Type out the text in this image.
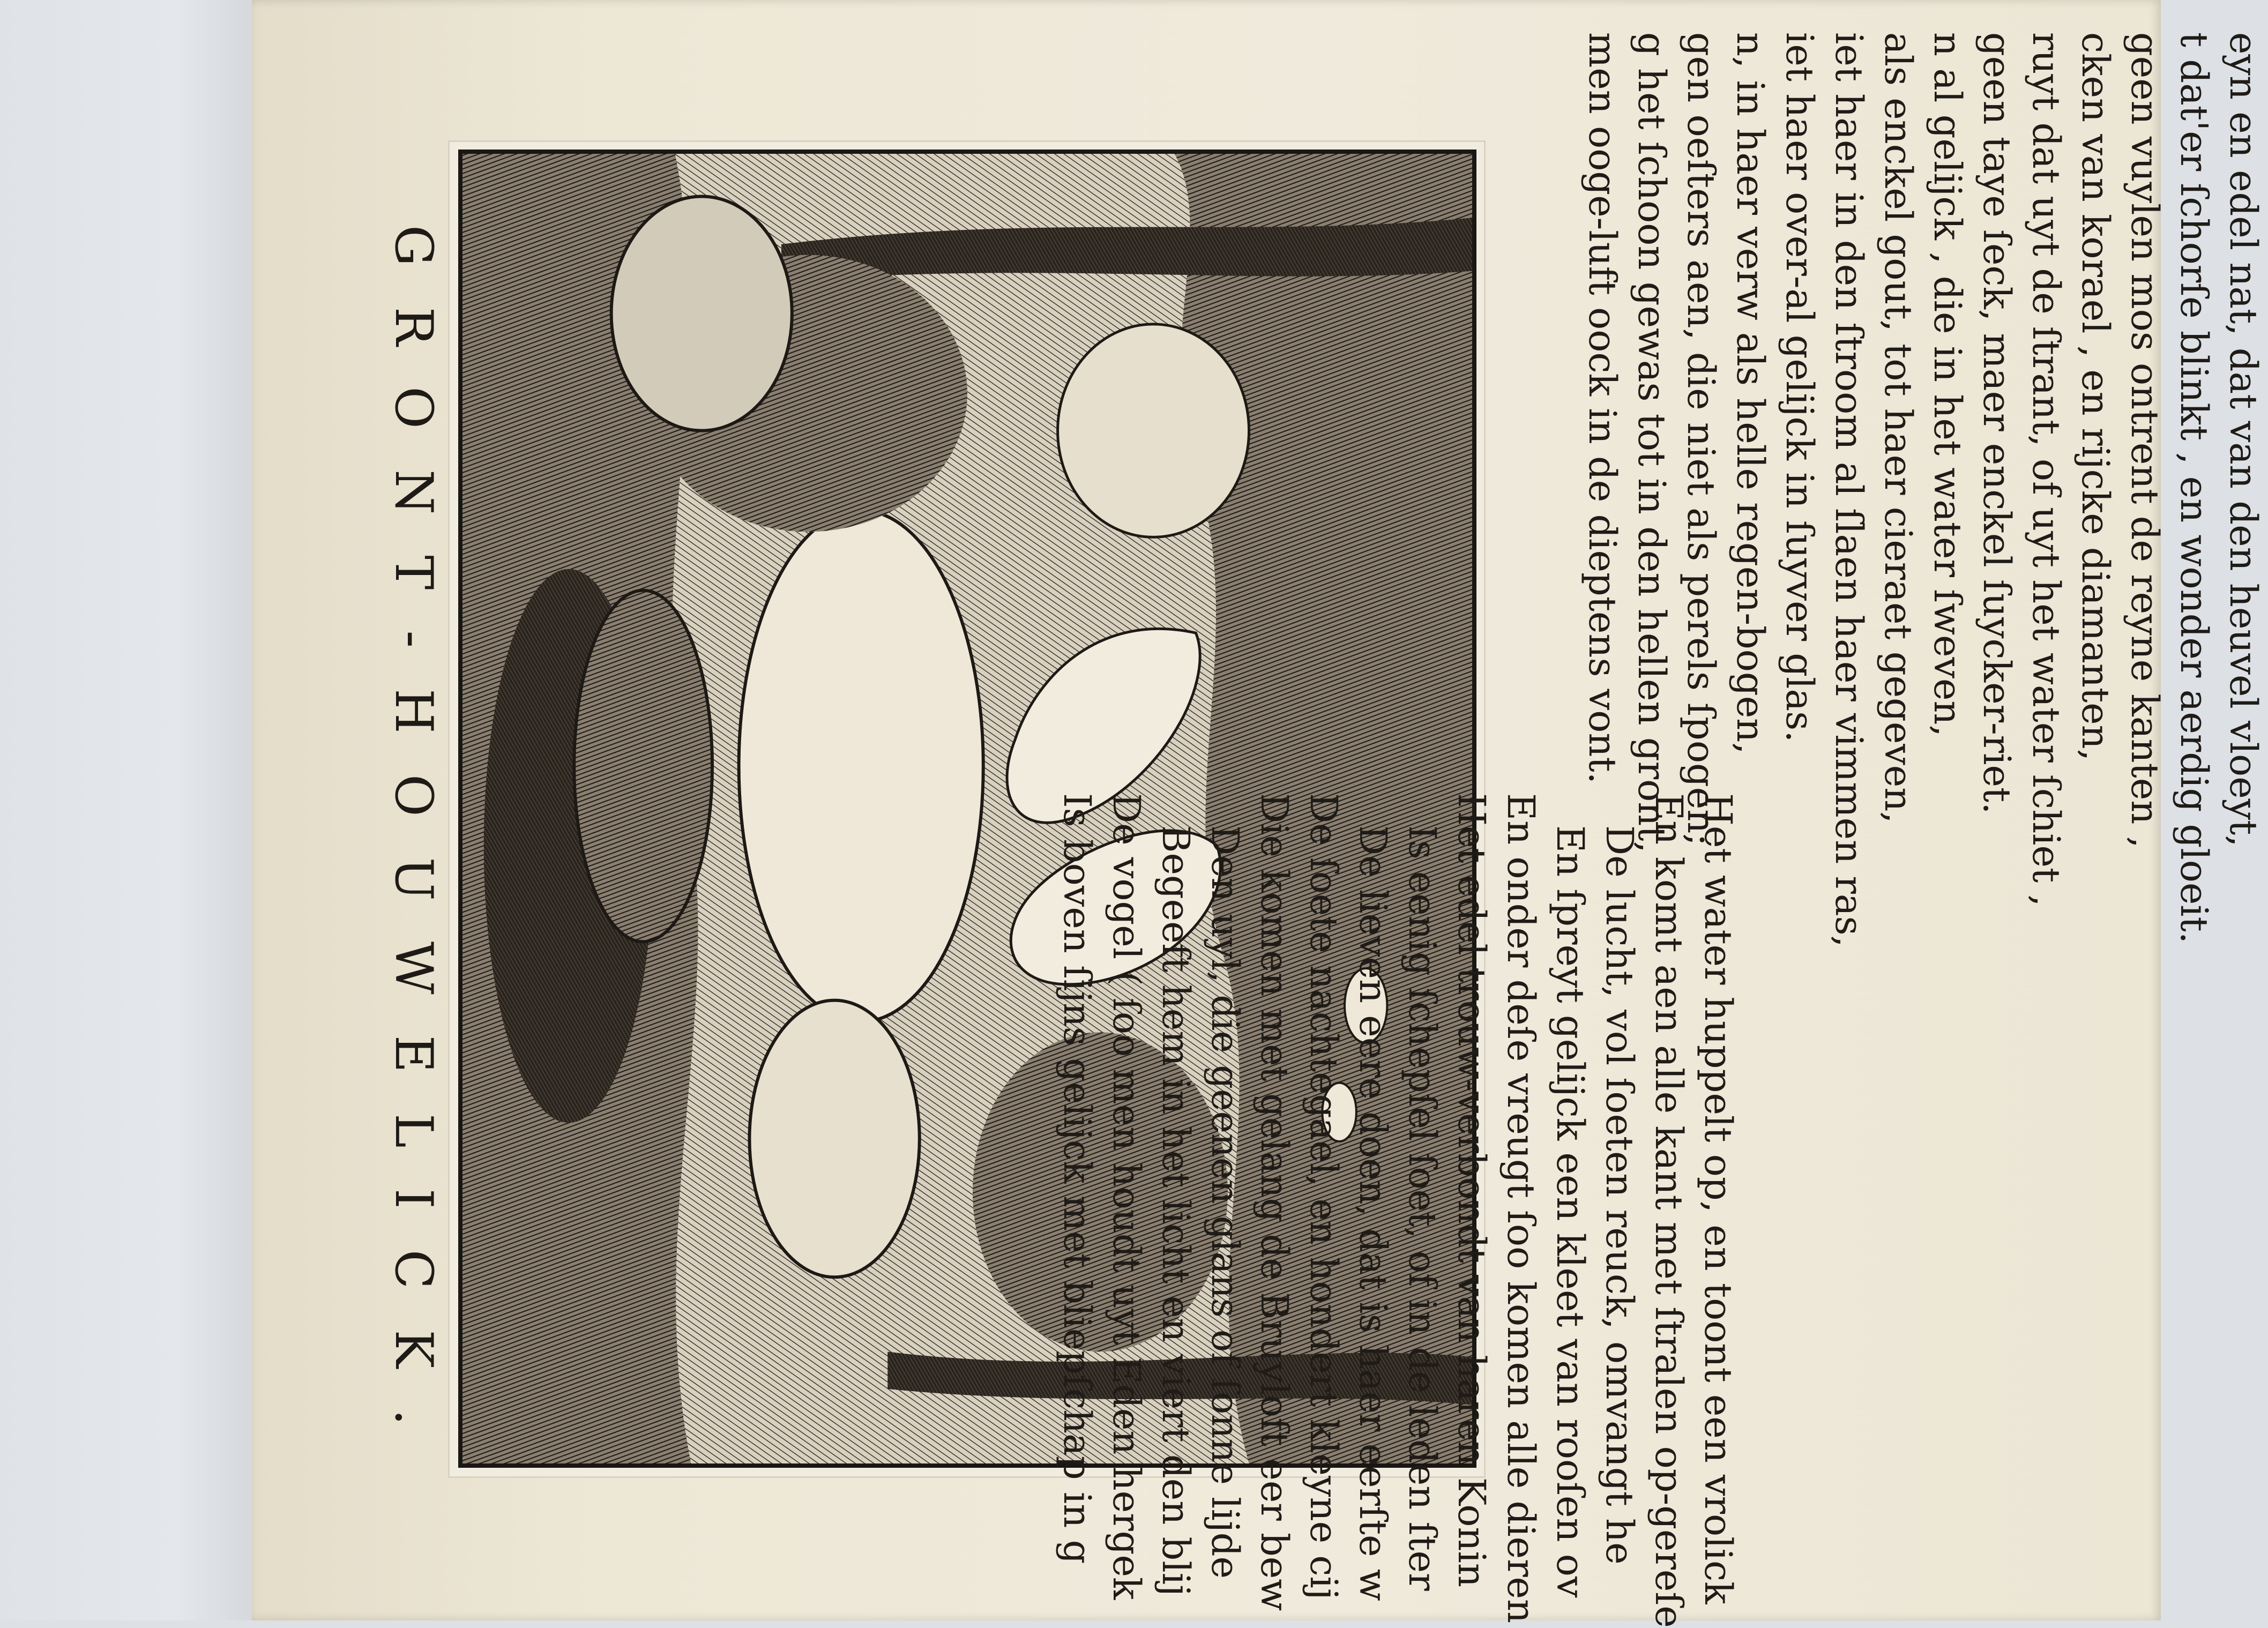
G
R
O
N
T
-
H
O
U
W
E
L
I
C
K
.	Het water huppelt op, en toont een vrolick
En komt aen alle kant met ſtralen op-gereſe
De lucht, vol ſoeten reuck, omvangt he
En ſpreyt gelijck een kleet van rooſen ov
En onder deſe vreugt ſoo komen alle dieren
Het edel trouw-verbondt van haren Konin
Is eenig ſchepſel ſoet, of in de leden ſter
De lieven eere doen, dat is haer eerſte w
De ſoete nachtegael, en hondert kleyne cij
Die komen met gelang de Bruyloft eer bew
Den uyl, die geenen glans of ſonne lijde
Begeeft hem in het licht en viert den blij
De vogel ( ſoo men houdt uyt Eden hergek
Is boven ſijns gelijck met bliepſchap in g
eyn en edel nat, dat van den heuvel vloeyt,
t dat'er ſchorſe blinkt , en wonder aerdig gloeit.
geen vuylen mos ontrent de reyne kanten ,
cken van korael , en rijcke diamanten,
ruyt dat uyt de ſtrant, of uyt het water ſchiet ,
geen taye ſeck, maer enckel ſuycker-riet.
n al gelijck , die in het water ſweven,
als enckel gout, tot haer cieraet gegeven,
iet haer in den ſtroom al ſlaen haer vimmen ras,
iet haer over-al gelijck in ſuyver glas.
n, in haer verw als helle regen-bogen,
gen oeſters aen, die niet als perels ſpogen;
g het ſchoon gewas tot in den hellen gront,
men ooge-luft oock in de dieptens vont.
